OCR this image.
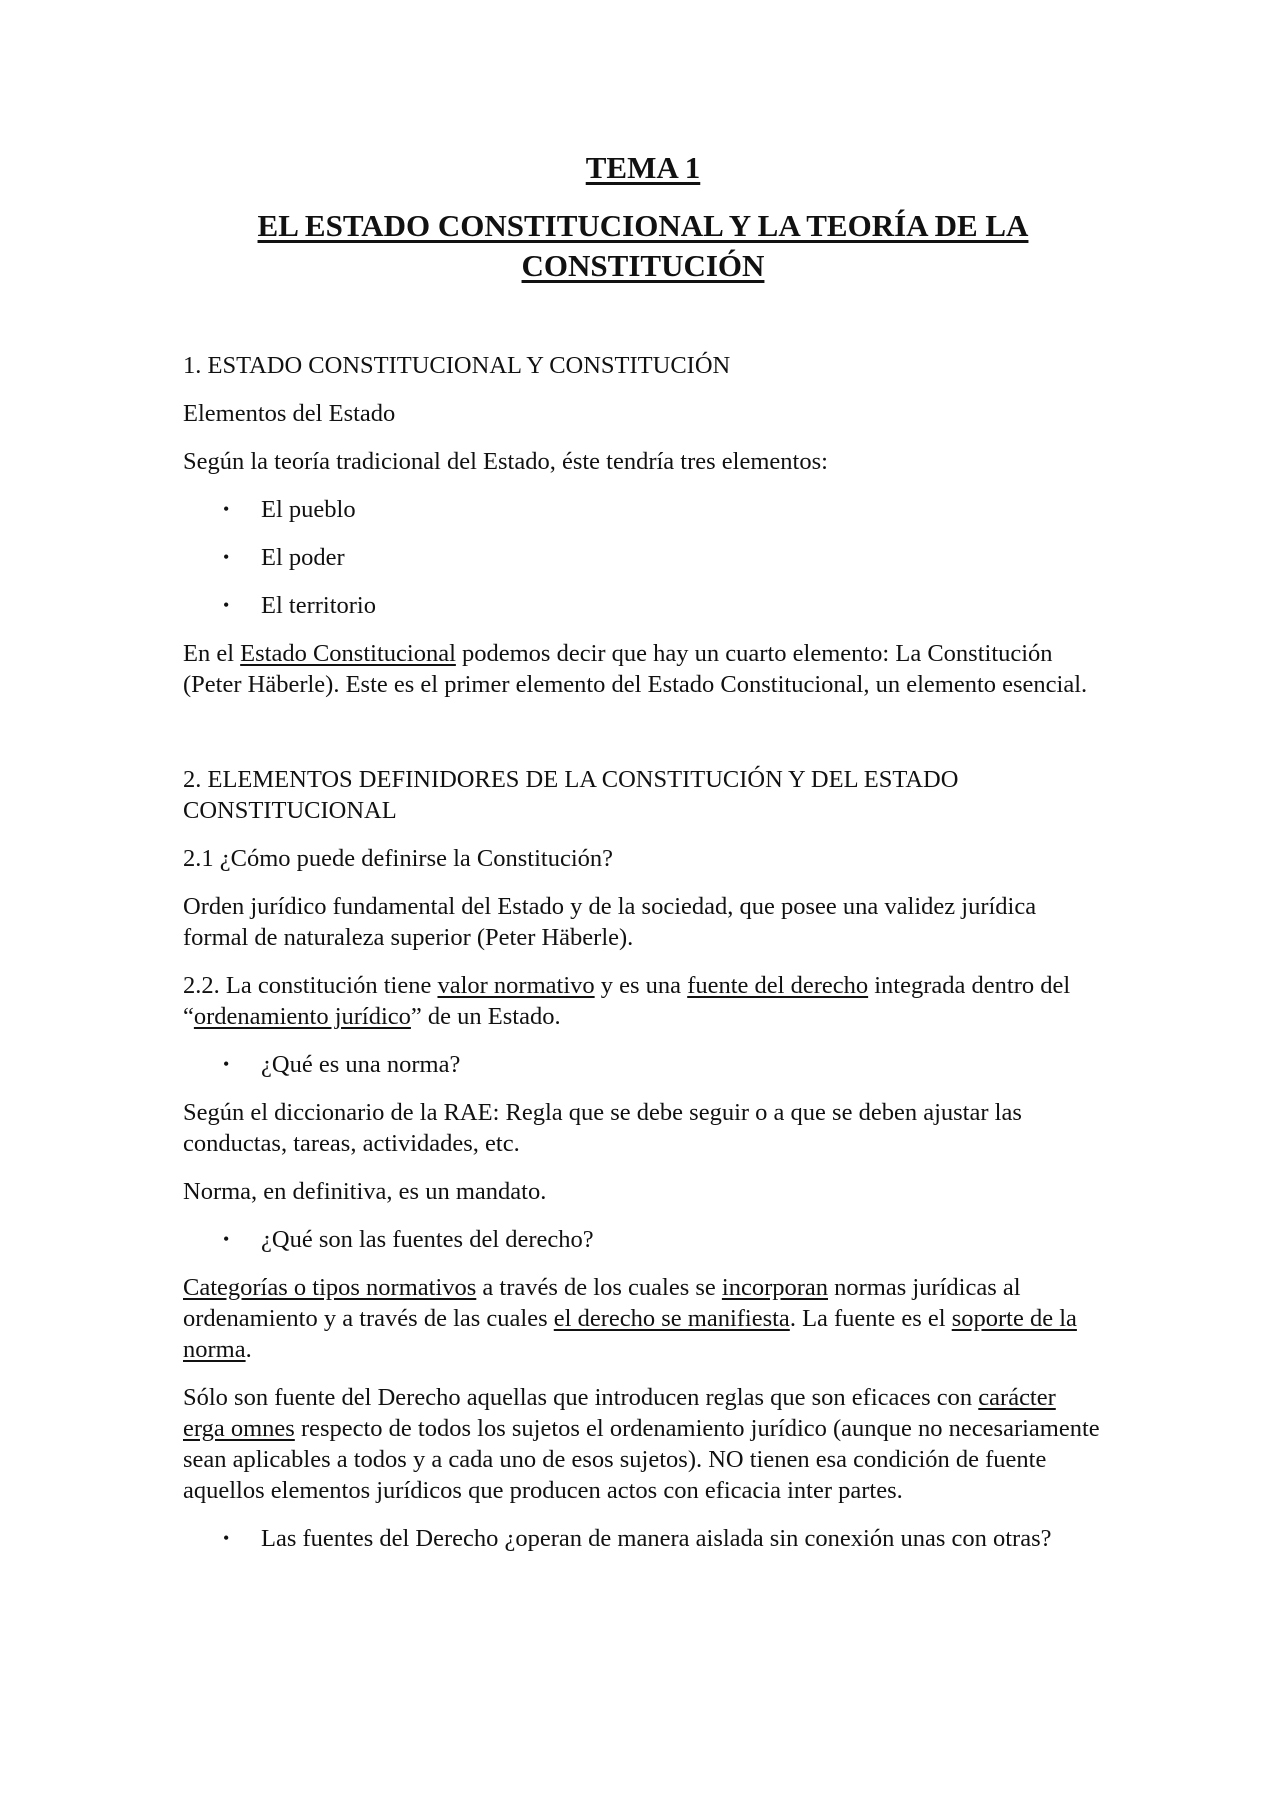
TEMA 1
EL ESTADO CONSTITUCIONAL Y LA TEORÍA DE LA
CONSTITUCIÓN
1. ESTADO CONSTITUCIONAL Y CONSTITUCIÓN

Elementos del Estado

Según la teoría tradicional del Estado, éste tendría tres elementos:

• El pueblo
• El poder
• El territorio

En el Estado Constitucional podemos decir que hay un cuarto elemento: La Constitución (Peter Häberle). Este es el primer elemento del Estado Constitucional, un elemento esencial.

2. ELEMENTOS DEFINIDORES DE LA CONSTITUCIÓN Y DEL ESTADO CONSTITUCIONAL

2.1 ¿Cómo puede definirse la Constitución?

Orden jurídico fundamental del Estado y de la sociedad, que posee una validez jurídica formal de naturaleza superior (Peter Häberle).

2.2. La constitución tiene valor normativo y es una fuente del derecho integrada dentro del “ordenamiento jurídico” de un Estado.

• ¿Qué es una norma?

Según el diccionario de la RAE: Regla que se debe seguir o a que se deben ajustar las conductas, tareas, actividades, etc.

Norma, en definitiva, es un mandato.

• ¿Qué son las fuentes del derecho?

Categorías o tipos normativos a través de los cuales se incorporan normas jurídicas al ordenamiento y a través de las cuales el derecho se manifiesta. La fuente es el soporte de la norma.

Sólo son fuente del Derecho aquellas que introducen reglas que son eficaces con carácter erga omnes respecto de todos los sujetos el ordenamiento jurídico (aunque no necesariamente sean aplicables a todos y a cada uno de esos sujetos). NO tienen esa condición de fuente aquellos elementos jurídicos que producen actos con eficacia inter partes.

• Las fuentes del Derecho ¿operan de manera aislada sin conexión unas con otras?
